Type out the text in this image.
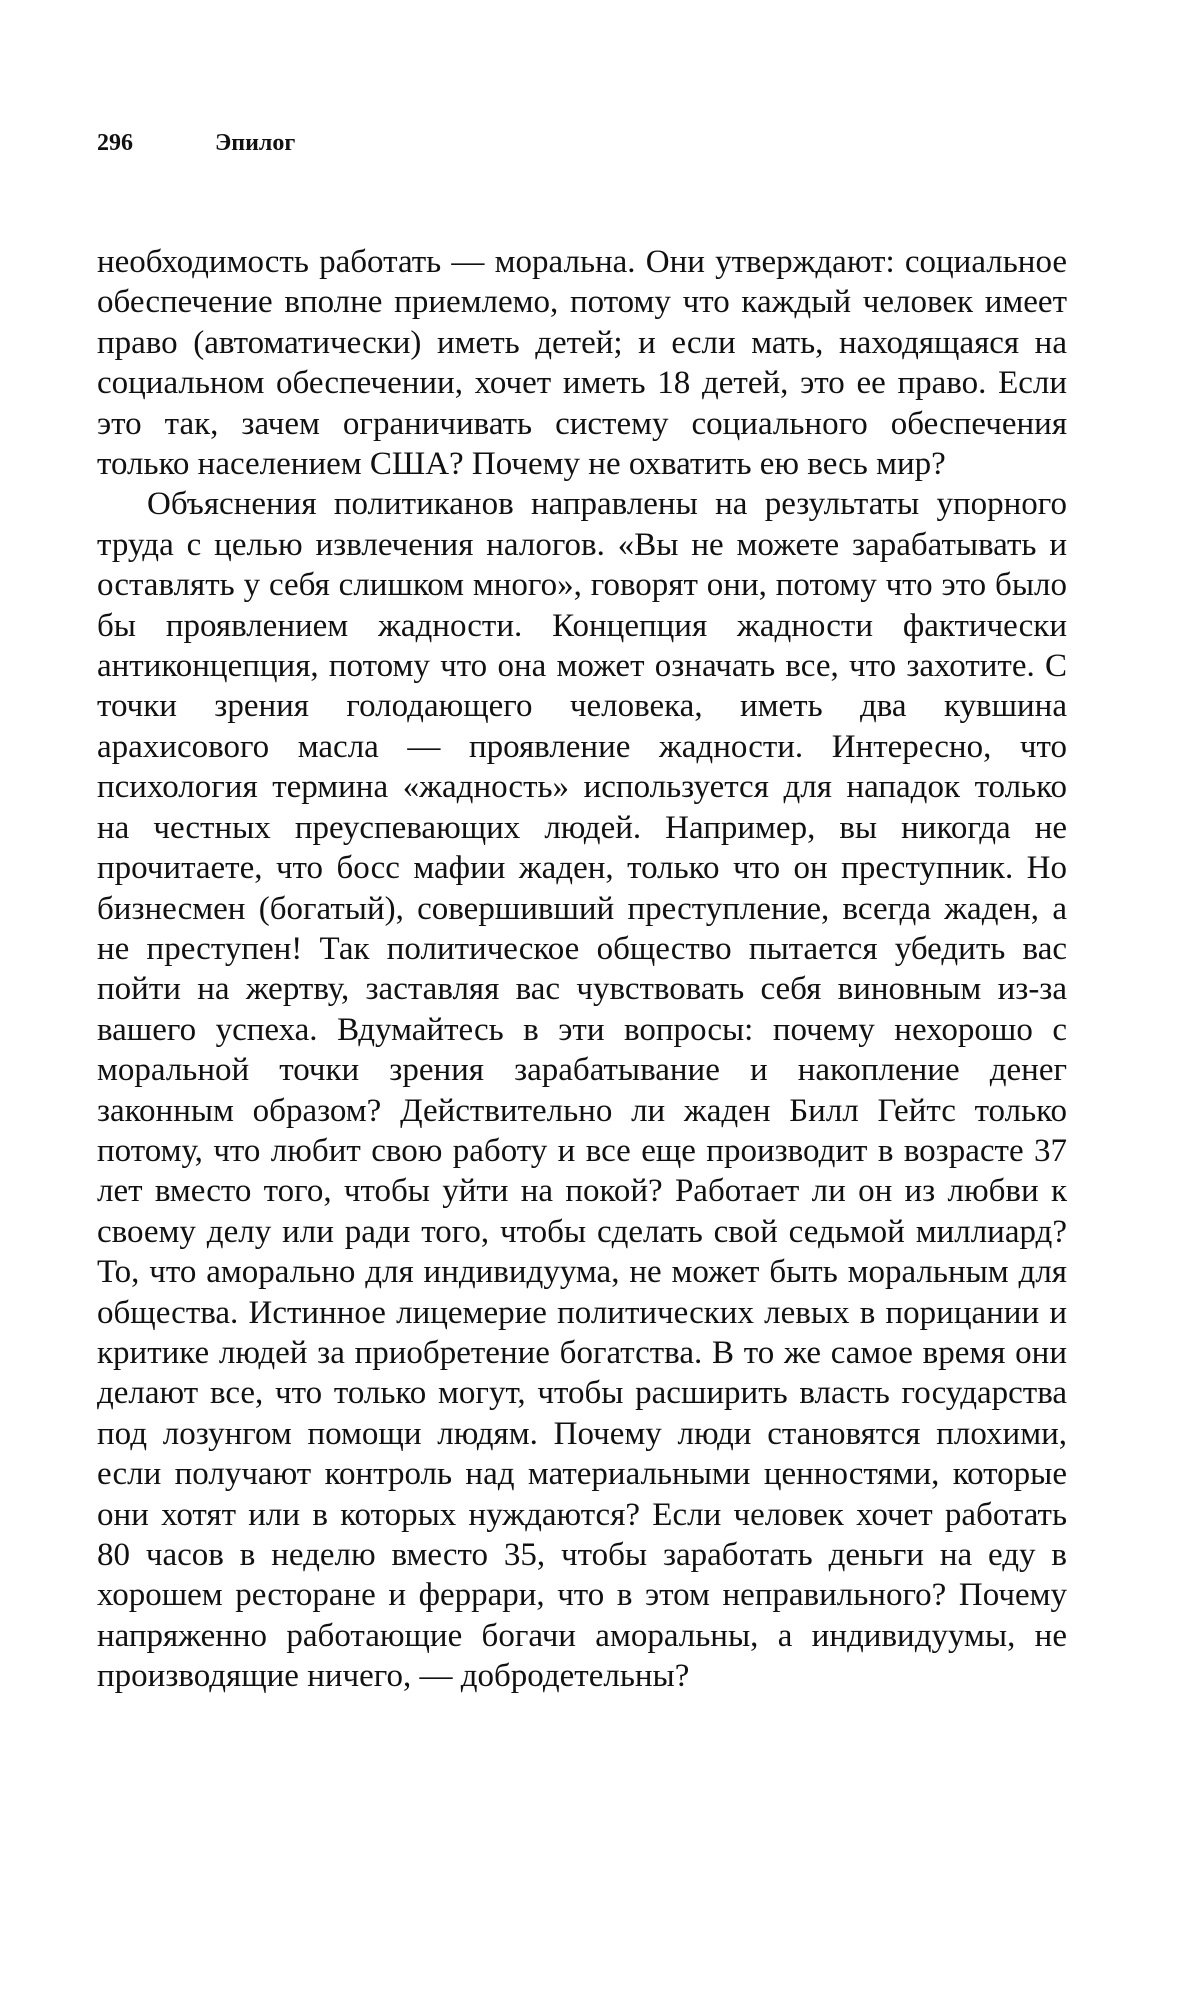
296	Эпилог

необходимость работать — моральна. Они утверждают: социальное обеспечение вполне приемлемо, потому что каждый человек имеет право (автоматически) иметь детей; и если мать, находящаяся на социальном обеспечении, хочет иметь 18 детей, это ее право. Если это так, зачем ограничивать систему социального обеспечения только населением США? Почему не охватить ею весь мир?

Объяснения политиканов направлены на результаты упорного труда с целью извлечения налогов. «Вы не можете зарабатывать и оставлять у себя слишком много», говорят они, потому что это было бы проявлением жадности. Концепция жадности фактически антиконцепция, потому что она может означать все, что захотите. С точки зрения голодающего человека, иметь два кувшина арахисового масла — проявление жадности. Интересно, что психология термина «жадность» используется для нападок только на честных преуспевающих людей. Например, вы никогда не прочитаете, что босс мафии жаден, только что он преступник. Но бизнесмен (богатый), совершивший преступление, всегда жаден, а не преступен! Так политическое общество пытается убедить вас пойти на жертву, заставляя вас чувствовать себя виновным из-за вашего успеха. Вдумайтесь в эти вопросы: почему нехорошо с моральной точки зрения зарабатывание и накопление денег законным образом? Действительно ли жаден Билл Гейтс только потому, что любит свою работу и все еще производит в возрасте 37 лет вместо того, чтобы уйти на покой? Работает ли он из любви к своему делу или ради того, чтобы сделать свой седьмой миллиард? То, что аморально для индивидуума, не может быть моральным для общества. Истинное лицемерие политических левых в порицании и критике людей за приобретение богатства. В то же самое время они делают все, что только могут, чтобы расширить власть государства под лозунгом помощи людям. Почему люди становятся плохими, если получают контроль над материальными ценностями, которые они хотят или в которых нуждаются? Если человек хочет работать 80 часов в неделю вместо 35, чтобы заработать деньги на еду в хорошем ресторане и феррари, что в этом неправильного? Почему напряженно работающие богачи аморальны, а индивидуумы, не производящие ничего, — добродетельны?
